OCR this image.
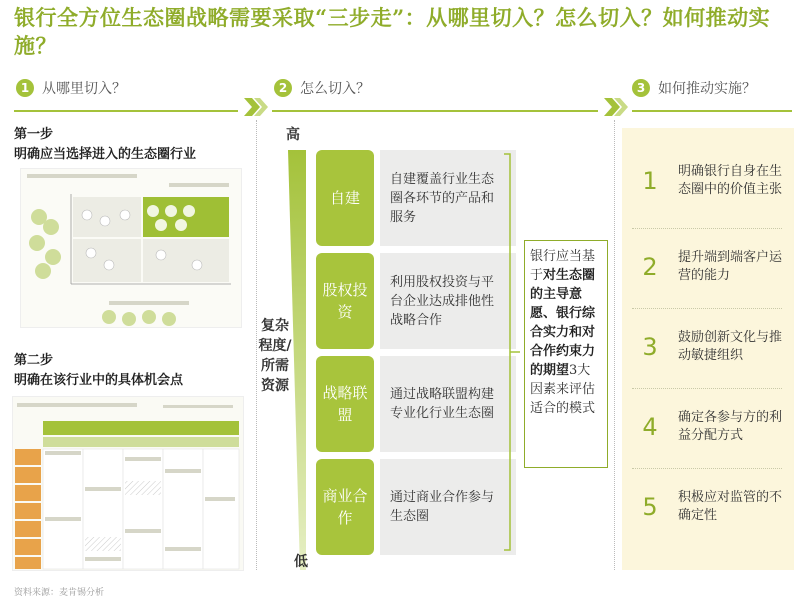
银行全方位生态圈战略需要采取“三步走”：从哪里切入？怎么切入？如何推动实施？
1 从哪里切入？	2 怎么切入？	3 如何推动实施？
第一步
明确应当选择进入的生态圈行业
第二步
明确在该行业中的具体机会点
高
复杂程度/所需资源
低
自建
自建覆盖行业生态圈各环节的产品和服务
股权投资
利用股权投资与平台企业达成排他性战略合作
战略联盟
通过战略联盟构建专业化行业生态圈
商业合作
通过商业合作参与生态圈
银行应当基于对生态圈的主导意愿、银行综合实力和对合作约束力的期望3大因素来评估适合的模式
1	明确银行自身在生态圈中的价值主张
2	提升端到端客户运营的能力
3	鼓励创新文化与推动敏捷组织
4	确定各参与方的利益分配方式
5	积极应对监管的不确定性
资料来源：麦肯锡分析
